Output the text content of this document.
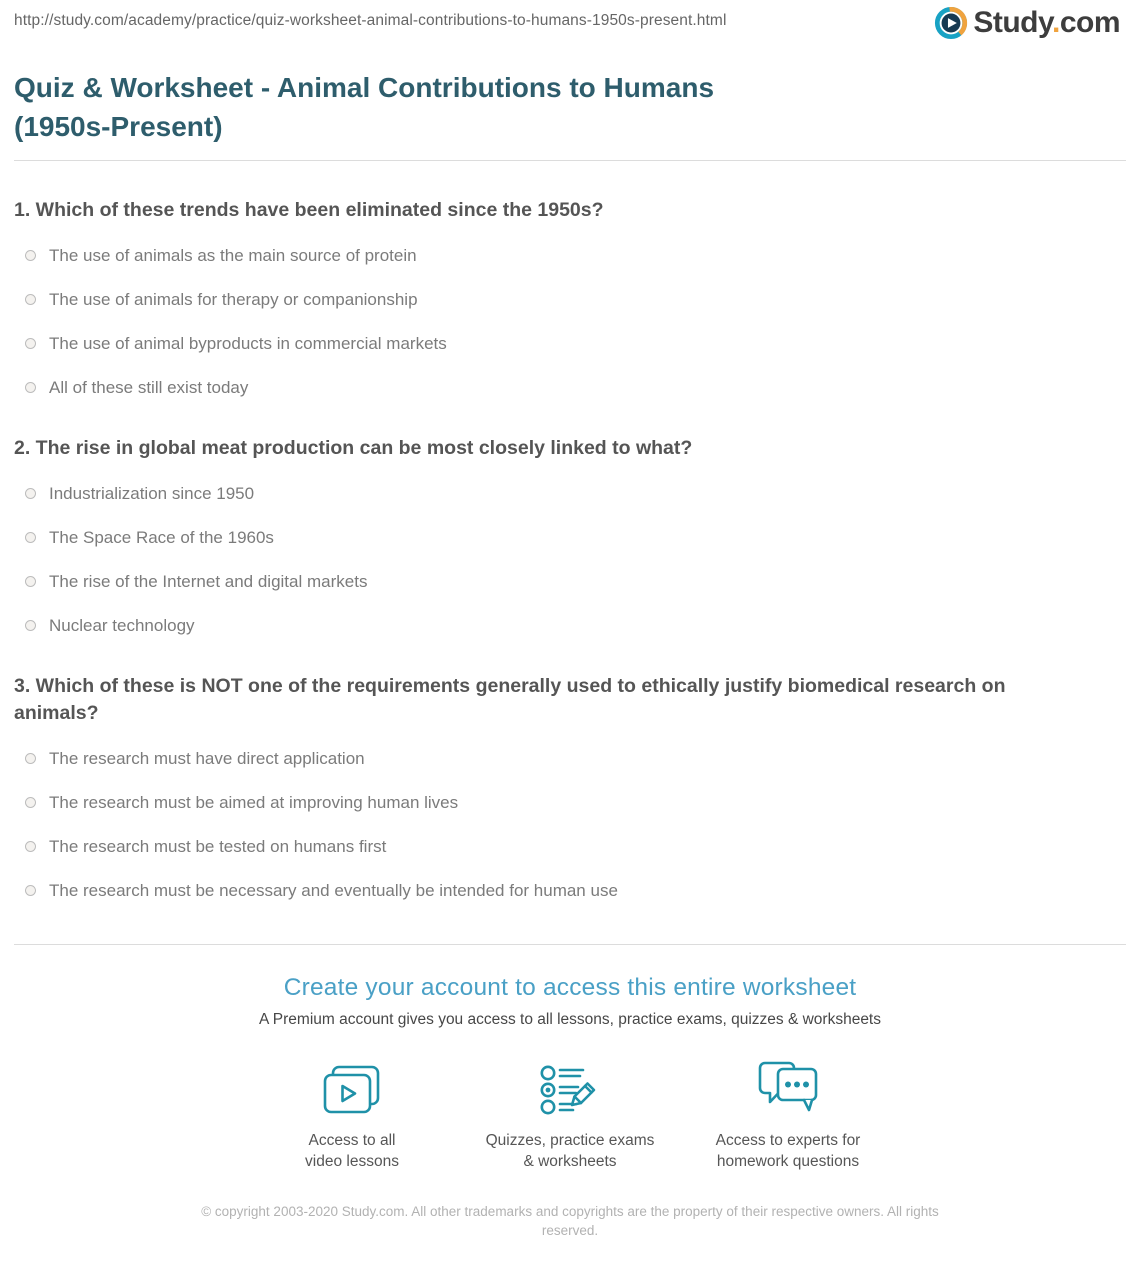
http://study.com/academy/practice/quiz-worksheet-animal-contributions-to-humans-1950s-present.html	Study.com
Quiz & Worksheet - Animal Contributions to Humans (1950s-Present)
1. Which of these trends have been eliminated since the 1950s?
The use of animals as the main source of protein
The use of animals for therapy or companionship
The use of animal byproducts in commercial markets
All of these still exist today
2. The rise in global meat production can be most closely linked to what?
Industrialization since 1950
The Space Race of the 1960s
The rise of the Internet and digital markets
Nuclear technology
3. Which of these is NOT one of the requirements generally used to ethically justify biomedical research on animals?
The research must have direct application
The research must be aimed at improving human lives
The research must be tested on humans first
The research must be necessary and eventually be intended for human use
Create your account to access this entire worksheet
A Premium account gives you access to all lessons, practice exams, quizzes & worksheets
Access to all
video lessons
Quizzes, practice exams
& worksheets
Access to experts for
homework questions
© copyright 2003-2020 Study.com. All other trademarks and copyrights are the property of their respective owners. All rights reserved.
